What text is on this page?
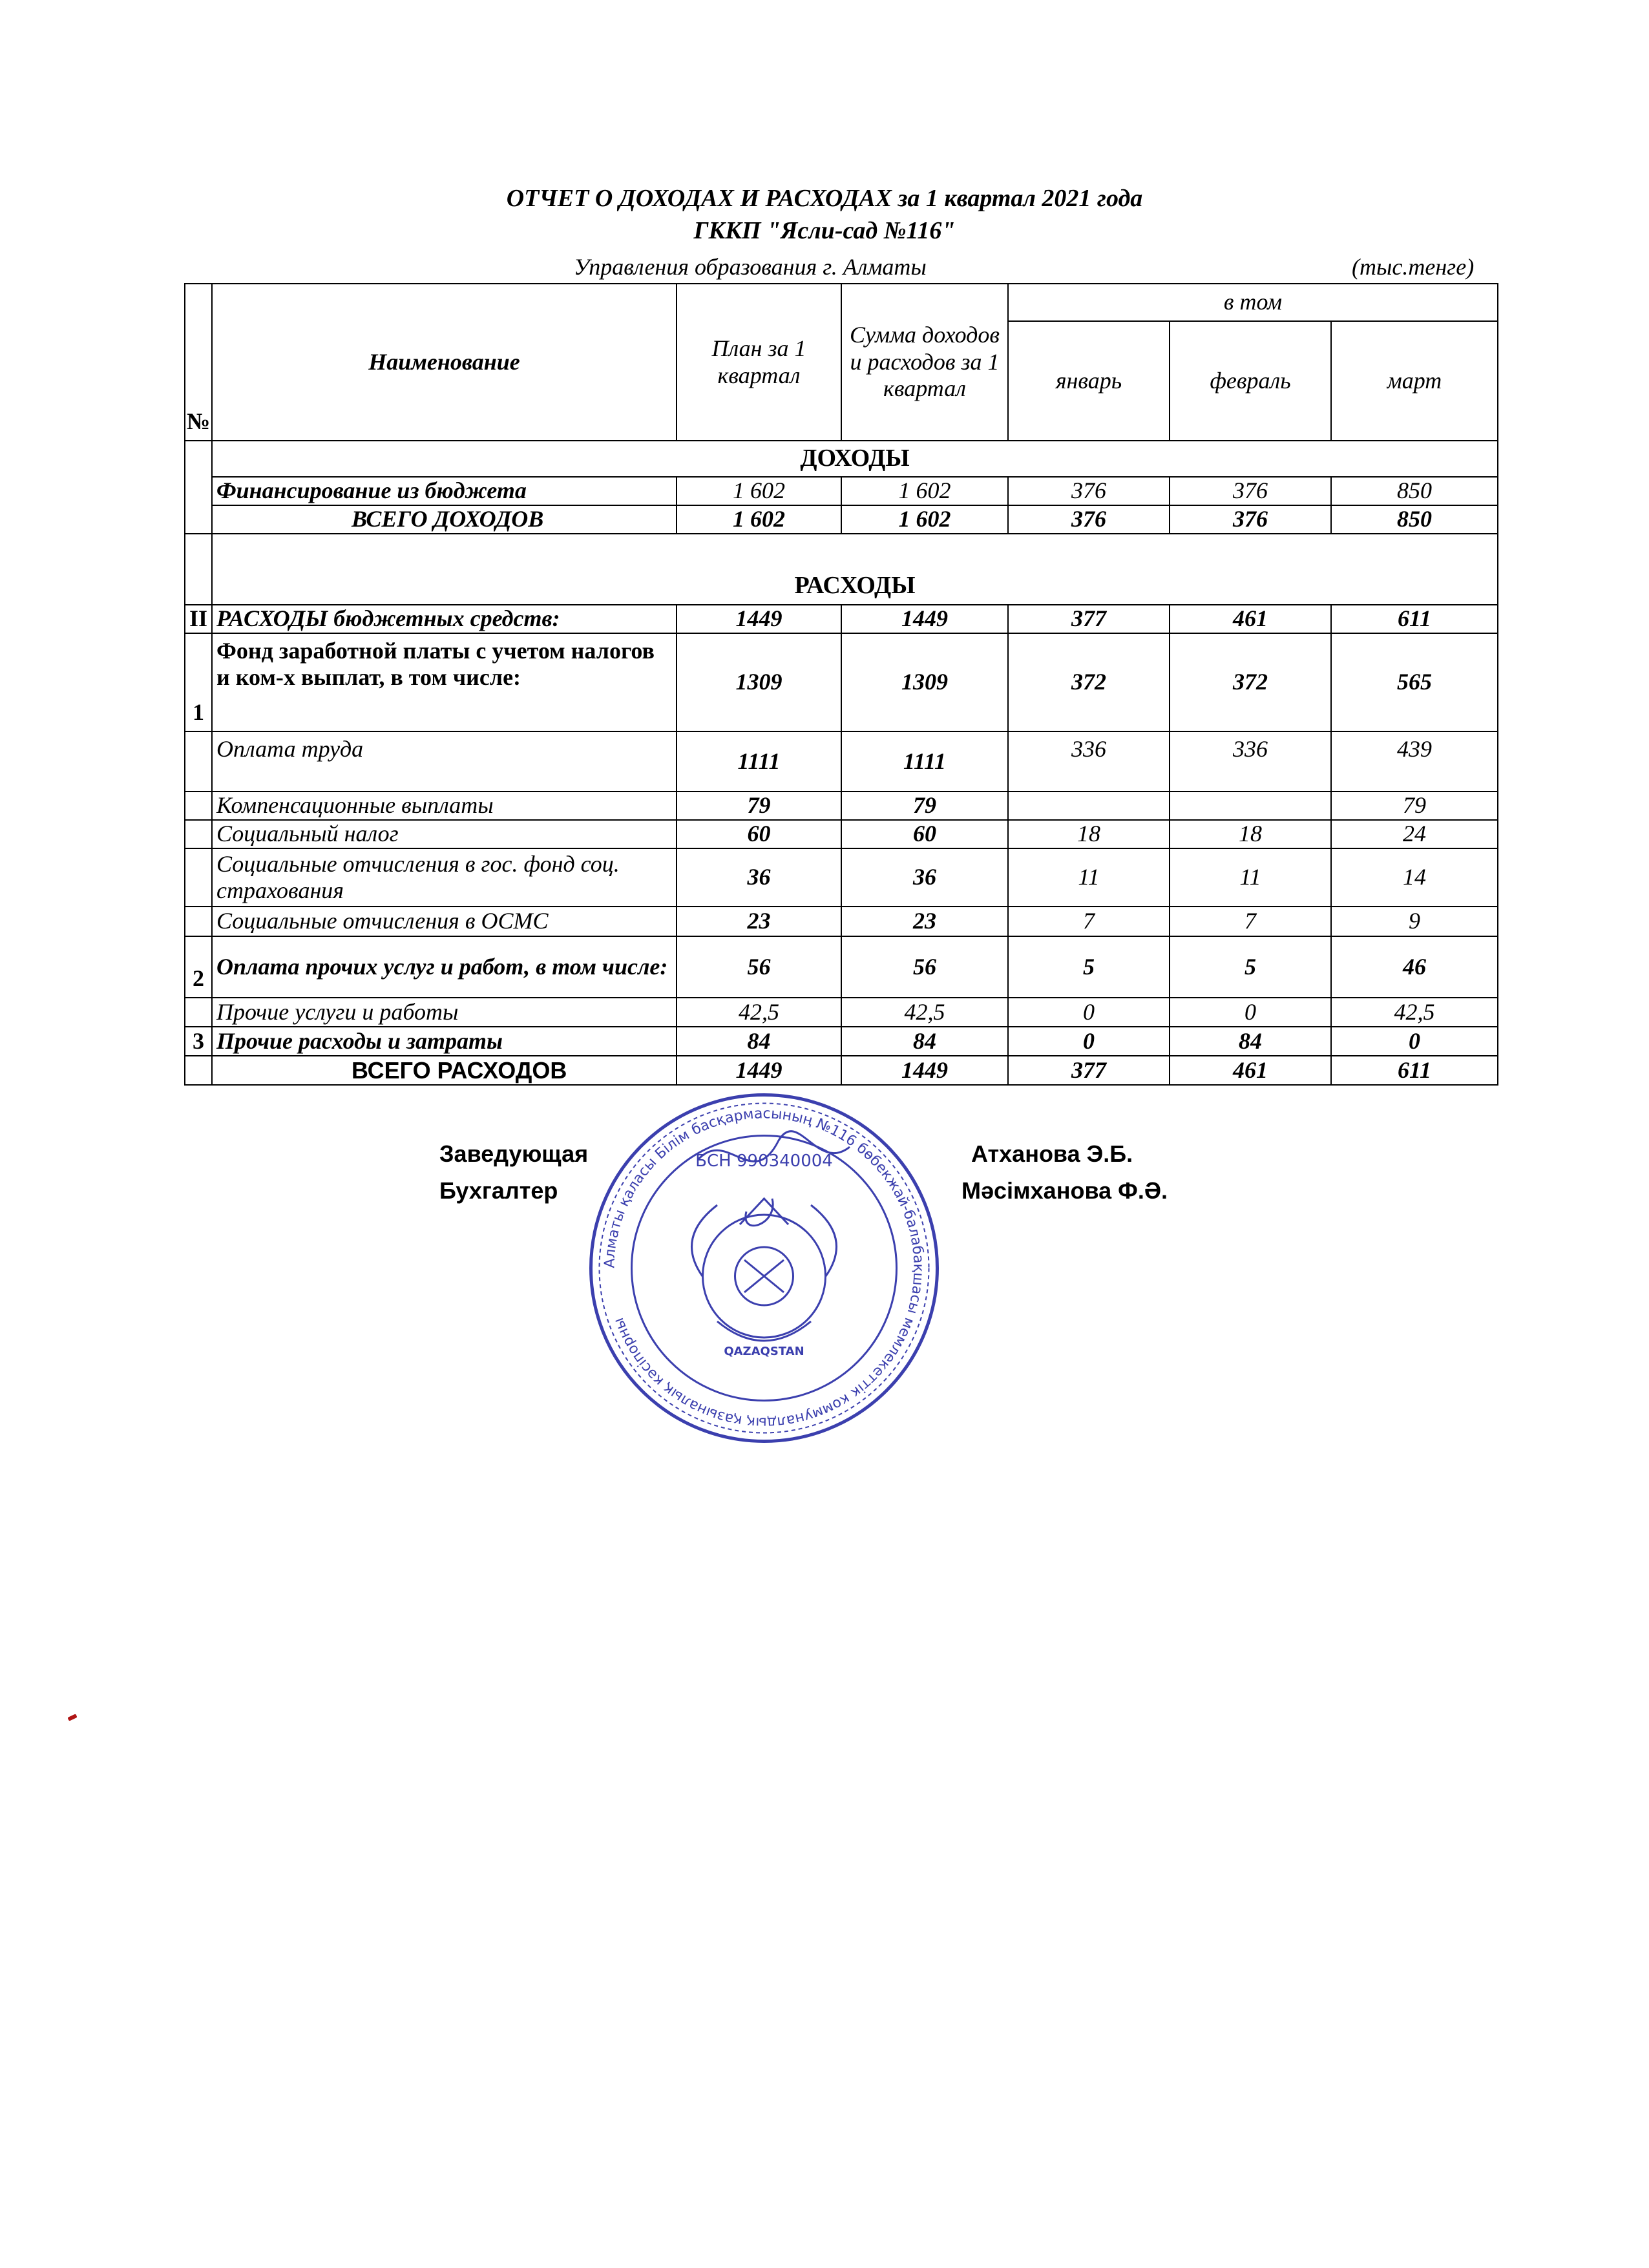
ОТЧЕТ О ДОХОДАХ И РАСХОДАХ за 1 квартал 2021 года
ГККП "Ясли-сад №116"
Управления образования г. Алматы	(тыс.тенге)
№	Наименование	План за 1 квартал	Сумма доходов и расходов за 1 квартал	в том		
				январь	февраль	март
	ДОХОДЫ					
	Финансирование из бюджета	1 602	1 602	376	376	850
	ВСЕГО ДОХОДОВ	1 602	1 602	376	376	850
	РАСХОДЫ					
II	РАСХОДЫ бюджетных средств:	1449	1449	377	461	611
1	Фонд заработной платы с учетом налогов и ком-х выплат, в том числе:	1309	1309	372	372	565
	Оплата труда	1111	1111	336	336	439
	Компенсационные выплаты	79	79			79
	Социальный налог	60	60	18	18	24
	Социальные отчисления в гос. фонд соц. страхования	36	36	11	11	14
	Социальные отчисления в ОСМС	23	23	7	7	9
2	Оплата прочих услуг и работ, в том числе:	56	56	5	5	46
	Прочие услуги и работы	42,5	42,5	0	0	42,5
3	Прочие расходы и затраты	84	84	0	84	0
	ВСЕГО РАСХОДОВ	1449	1449	377	461	611
Заведующая
Бухгалтер
Атханова Э.Б.
Мәсімханова Ф.Ә.
Алматы қаласы Білім басқармасының №116 бөбекжай-балабақшасы мемлекеттік коммуналдық қазыналық кәсіпорны
БСН 990340004
QAZAQSTAN
